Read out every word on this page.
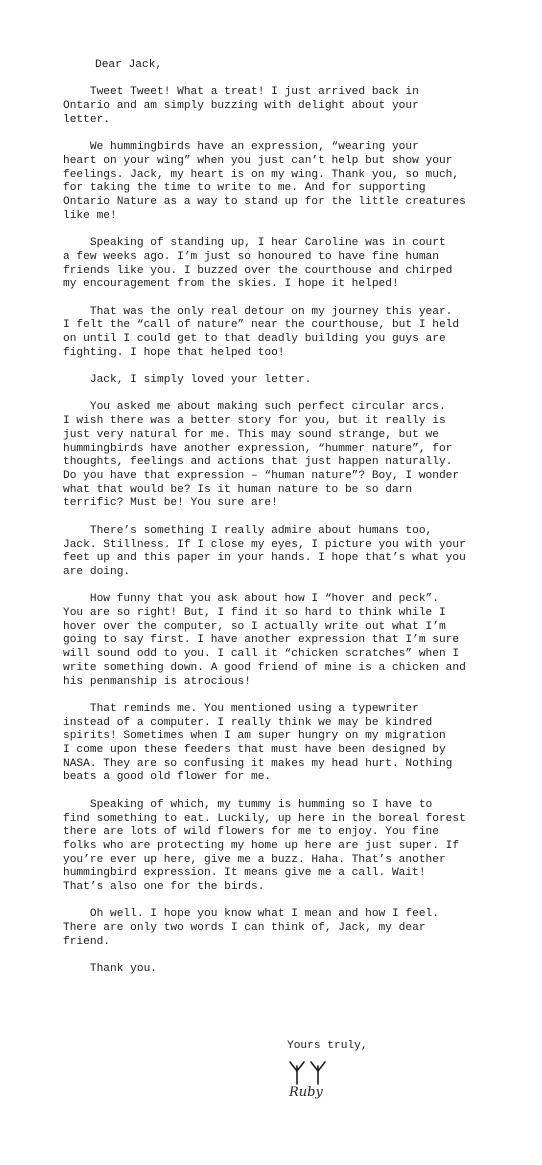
Dear Jack,
Tweet Tweet! What a treat! I just arrived back in
Ontario and am simply buzzing with delight about your
letter.
We hummingbirds have an expression, “wearing your
heart on your wing” when you just can’t help but show your
feelings. Jack, my heart is on my wing. Thank you, so much,
for taking the time to write to me. And for supporting
Ontario Nature as a way to stand up for the little creatures
like me!
Speaking of standing up, I hear Caroline was in court
a few weeks ago. I’m just so honoured to have fine human
friends like you. I buzzed over the courthouse and chirped
my encouragement from the skies. I hope it helped!
That was the only real detour on my journey this year.
I felt the “call of nature” near the courthouse, but I held
on until I could get to that deadly building you guys are
fighting. I hope that helped too!
Jack, I simply loved your letter.
You asked me about making such perfect circular arcs.
I wish there was a better story for you, but it really is
just very natural for me. This may sound strange, but we
hummingbirds have another expression, “hummer nature”, for
thoughts, feelings and actions that just happen naturally.
Do you have that expression – “human nature”? Boy, I wonder
what that would be? Is it human nature to be so darn
terrific? Must be! You sure are!
There’s something I really admire about humans too,
Jack. Stillness. If I close my eyes, I picture you with your
feet up and this paper in your hands. I hope that’s what you
are doing.
How funny that you ask about how I “hover and peck”.
You are so right! But, I find it so hard to think while I
hover over the computer, so I actually write out what I’m
going to say first. I have another expression that I’m sure
will sound odd to you. I call it “chicken scratches” when I
write something down. A good friend of mine is a chicken and
his penmanship is atrocious!
That reminds me. You mentioned using a typewriter
instead of a computer. I really think we may be kindred
spirits! Sometimes when I am super hungry on my migration
I come upon these feeders that must have been designed by
NASA. They are so confusing it makes my head hurt. Nothing
beats a good old flower for me.
Speaking of which, my tummy is humming so I have to
find something to eat. Luckily, up here in the boreal forest
there are lots of wild flowers for me to enjoy. You fine
folks who are protecting my home up here are just super. If
you’re ever up here, give me a buzz. Haha. That’s another
hummingbird expression. It means give me a call. Wait!
That’s also one for the birds.
Oh well. I hope you know what I mean and how I feel.
There are only two words I can think of, Jack, my dear
friend.
Thank you.
Yours truly,
Ruby
